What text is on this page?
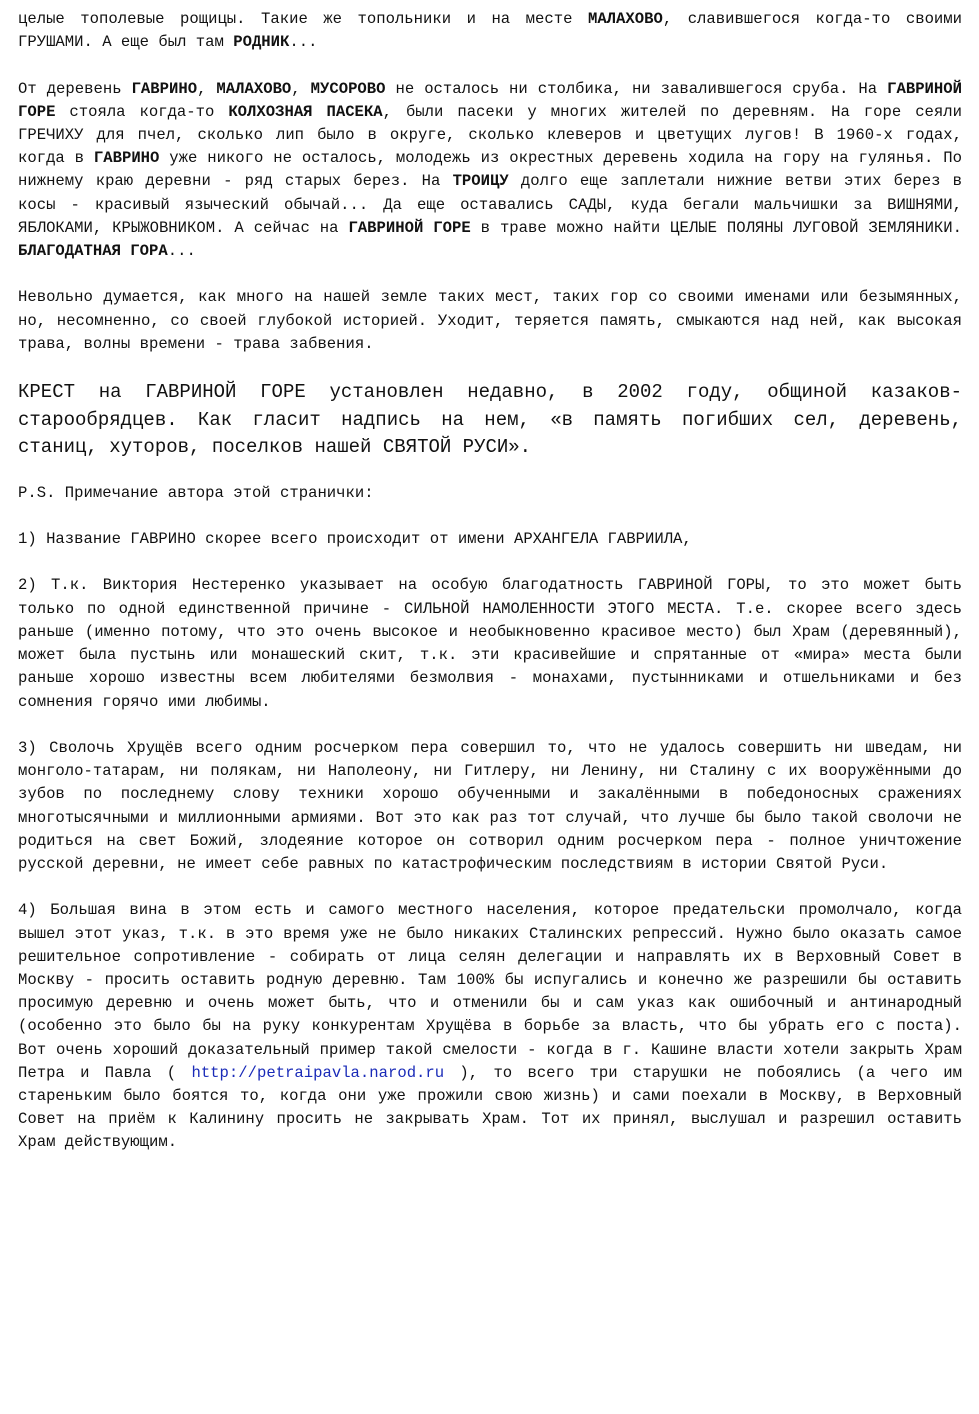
целые тополевые рощицы. Такие же топольники и на месте МАЛАХОВО, славившегося когда-то своими ГРУШАМИ. А еще был там РОДНИК...

От деревень ГАВРИНО, МАЛАХОВО, МУСОРОВО не осталось ни столбика, ни завалившегося сруба. На ГАВРИНОЙ ГОРЕ стояла когда-то КОЛХОЗНАЯ ПАСЕКА, были пасеки у многих жителей по деревням. На горе сеяли ГРЕЧИХУ для пчел, сколько лип было в округе, сколько клеверов и цветущих лугов! В 1960-х годах, когда в ГАВРИНО уже никого не осталось, молодежь из окрестных деревень ходила на гору на гулянья. По нижнему краю деревни - ряд старых берез. На ТРОИЦУ долго еще заплетали нижние ветви этих берез в косы - красивый языческий обычай... Да еще оставались САДЫ, куда бегали мальчишки за ВИШНЯМИ, ЯБЛОКАМИ, КРЫЖОВНИКОМ. А сейчас на ГАВРИНОЙ ГОРЕ в траве можно найти ЦЕЛЫЕ ПОЛЯНЫ ЛУГОВОЙ ЗЕМЛЯНИКИ. БЛАГОДАТНАЯ ГОРА...

Невольно думается, как много на нашей земле таких мест, таких гор со своими именами или безымянных, но, несомненно, со своей глубокой историей. Уходит, теряется память, смыкаются над ней, как высокая трава, волны времени - трава забвения.

КРЕСТ на ГАВРИНОЙ ГОРЕ установлен недавно, в 2002 году, общиной казаков-старообрядцев. Как гласит надпись на нем, «в память погибших сел, деревень, станиц, хуторов, поселков нашей СВЯТОЙ РУСИ».

P.S. Примечание автора этой странички:

1) Название ГАВРИНО скорее всего происходит от имени АРХАНГЕЛА ГАВРИИЛА,

2) Т.к. Виктория Нестеренко указывает на особую благодатность ГАВРИНОЙ ГОРЫ, то это может быть только по одной единственной причине - СИЛЬНОЙ НАМОЛЕННОСТИ ЭТОГО МЕСТА. Т.е. скорее всего здесь раньше (именно потому, что это очень высокое и необыкновенно красивое место) был Храм (деревянный), может была пустынь или монашеский скит, т.к. эти красивейшие и спрятанные от «мира» места были раньше хорошо известны всем любителями безмолвия - монахами, пустынниками и отшельниками и без сомнения горячо ими любимы.

3) Сволочь Хрущёв всего одним росчерком пера совершил то, что не удалось совершить ни шведам, ни монголо-татарам, ни полякам, ни Наполеону, ни Гитлеру, ни Ленину, ни Сталину с их вооружёнными до зубов по последнему слову техники хорошо обученными и закалёнными в победоносных сражениях многотысячными и миллионными армиями. Вот это как раз тот случай, что лучше бы было такой сволочи не родиться на свет Божий, злодеяние которое он сотворил одним росчерком пера - полное уничтожение русской деревни, не имеет себе равных по катастрофическим последствиям в истории Святой Руси.

4) Большая вина в этом есть и самого местного населения, которое предательски промолчало, когда вышел этот указ, т.к. в это время уже не было никаких Сталинских репрессий. Нужно было оказать самое решительное сопротивление - собирать от лица селян делегации и направлять их в Верховный Совет в Москву - просить оставить родную деревню. Там 100% бы испугались и конечно же разрешили бы оставить просимую деревню и очень может быть, что и отменили бы и сам указ как ошибочный и антинародный (особенно это было бы на руку конкурентам Хрущёва в борьбе за власть, что бы убрать его с поста). Вот очень хороший доказательный пример такой смелости - когда в г. Кашине власти хотели закрыть Храм Петра и Павла ( http://petraipavla.narod.ru ), то всего три старушки не побоялись (а чего им стареньким было боятся то, когда они уже прожили свою жизнь) и сами поехали в Москву, в Верховный Совет на приём к Калинину просить не закрывать Храм. Тот их принял, выслушал и разрешил оставить Храм действующим.
